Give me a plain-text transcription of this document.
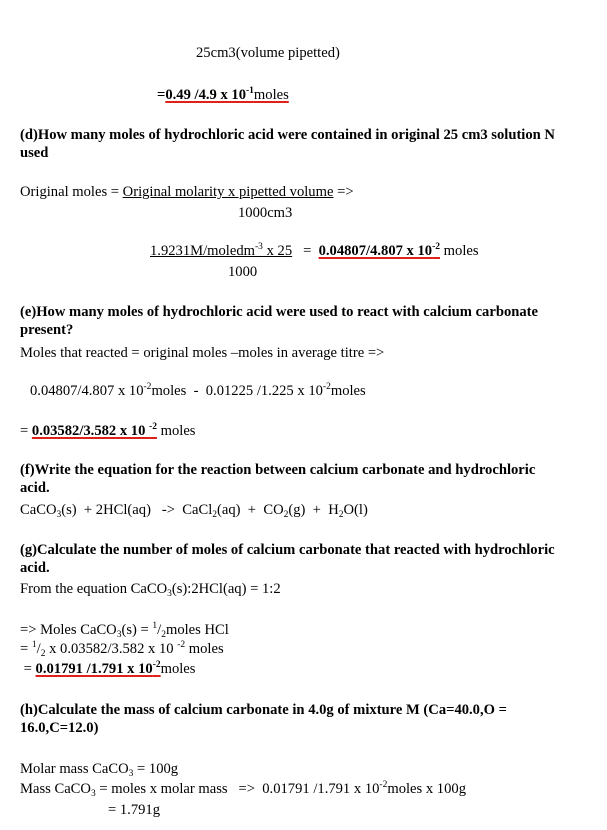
25cm3(volume pipetted)
=0.49 /4.9 x $10^{-1}moles$
(d)How many moles of hydrochloric acid were contained in original 25 cm3 solution N used
Original moles = Original molarity x pipetted volume =>
1000cm3
1.9231M/moledm$^{-3}$ x 25 = 0.04807/4.807 x $10^{-2}$ moles
1000
(e)How many moles of hydrochloric acid were used to react with calcium carbonate present?
Moles that reacted = original moles –moles in average titre =>
0.04807/4.807 x $10^{-2}moles - 0.01225$ /1.225 x $10^{-2}moles$
= 0.03582/3.582 x 10 $^{-2}$ moles
(f)Write the equation for the reaction between calcium carbonate and hydrochloric acid.
CaCO$_3$(s)  + 2HCl(aq)   ->  CaCl$_2$(aq)  +  $CO_2(g) + H_2O(l)$
(g)Calculate the number of moles of calcium carbonate that reacted with hydrochloric acid.
From the equation CaCO$_3$(s):2HCl(aq) = 1:2
=> Moles CaCO$_3$(s) = $^1/_2moles$ HCl
= $^1/_2$ x 0.03582/3.582 x 10 $^{-2}$ moles
= 0.01791 /1.791 x $10^{-2}moles$
(h)Calculate the mass of calcium carbonate in 4.0g of mixture M (Ca=40.0,O = 16.0,C=12.0)
Molar mass CaCO$_3$ = 100g
Mass CaCO$_3$ = moles x molar mass   =>  0.01791 /1.791 x $10^{-2}moles$ x 100g
= 1.791g
